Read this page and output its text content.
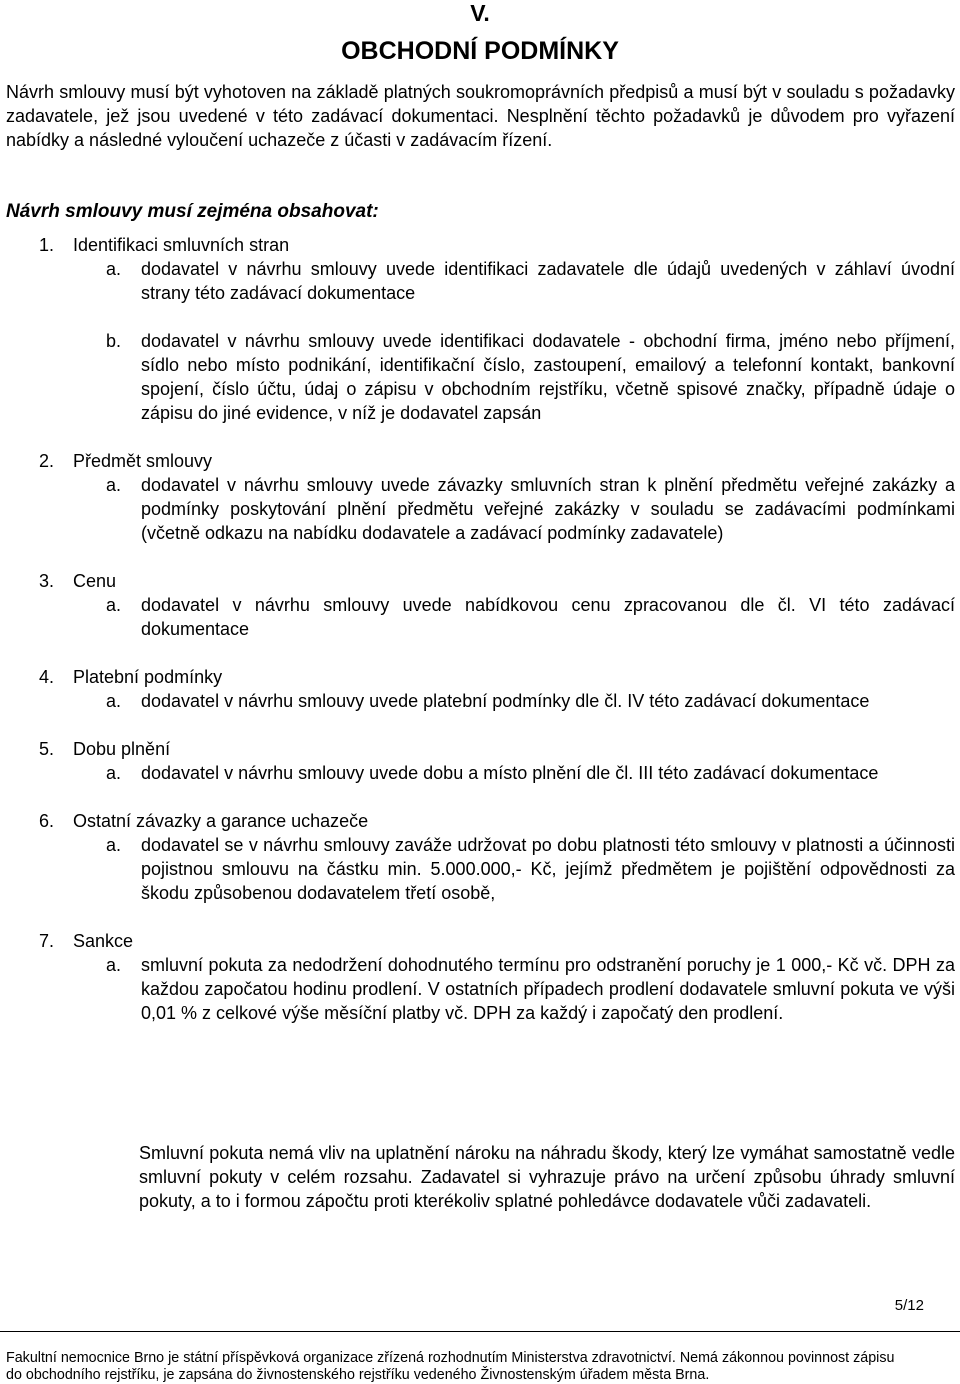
V.
OBCHODNÍ PODMÍNKY

Návrh smlouvy musí být vyhotoven na základě platných soukromoprávních předpisů a musí být v souladu s požadavky zadavatele, jež jsou uvedené v této zadávací dokumentaci. Nesplnění těchto požadavků je důvodem pro vyřazení nabídky a následné vyloučení uchazeče z účasti v zadávacím řízení.

Návrh smlouvy musí zejména obsahovat:
1.	Identifikaci smluvních stran
a. dodavatel v návrhu smlouvy uvede identifikaci zadavatele dle údajů uvedených v záhlaví úvodní strany této zadávací dokumentace
b. dodavatel v návrhu smlouvy uvede identifikaci dodavatele - obchodní firma, jméno nebo příjmení, sídlo nebo místo podnikání, identifikační číslo, zastoupení, emailový a telefonní kontakt, bankovní spojení, číslo účtu, údaj o zápisu v obchodním rejstříku, včetně spisové značky, případně údaje o zápisu do jiné evidence, v níž je dodavatel zapsán
2.	Předmět smlouvy
a. dodavatel v návrhu smlouvy uvede závazky smluvních stran k plnění předmětu veřejné zakázky a podmínky poskytování plnění předmětu veřejné zakázky v souladu se zadávacími podmínkami (včetně odkazu na nabídku dodavatele a zadávací podmínky zadavatele)
3.	Cenu
a. dodavatel v návrhu smlouvy uvede nabídkovou cenu zpracovanou dle čl. VI této zadávací dokumentace
4.	Platební podmínky
a. dodavatel v návrhu smlouvy uvede platební podmínky dle čl. IV této zadávací dokumentace
5.	Dobu plnění
a. dodavatel v návrhu smlouvy uvede dobu a místo plnění dle čl. III této zadávací dokumentace
6.	Ostatní závazky a garance uchazeče
a. dodavatel se v návrhu smlouvy zaváže udržovat po dobu platnosti této smlouvy v platnosti a účinnosti pojistnou smlouvu na částku min. 5.000.000,- Kč, jejímž předmětem je pojištění odpovědnosti za škodu způsobenou dodavatelem třetí osobě,
7.	Sankce
a. smluvní pokuta za nedodržení dohodnutého termínu pro odstranění poruchy je 1 000,- Kč vč. DPH za každou započatou hodinu prodlení. V ostatních případech prodlení dodavatele smluvní pokuta ve výši 0,01 % z celkové výše měsíční platby vč. DPH za každý i započatý den prodlení.
Smluvní pokuta nemá vliv na uplatnění nároku na náhradu škody, který lze vymáhat samostatně vedle smluvní pokuty v celém rozsahu. Zadavatel si vyhrazuje právo na určení způsobu úhrady smluvní pokuty, a to i formou zápočtu proti kterékoliv splatné pohledávce dodavatele vůči zadavateli.
5/12
Fakultní nemocnice Brno je státní příspěvková organizace zřízená rozhodnutím Ministerstva zdravotnictví. Nemá zákonnou povinnost zápisu
do obchodního rejstříku, je zapsána do živnostenského rejstříku vedeného Živnostenským úřadem města Brna.
